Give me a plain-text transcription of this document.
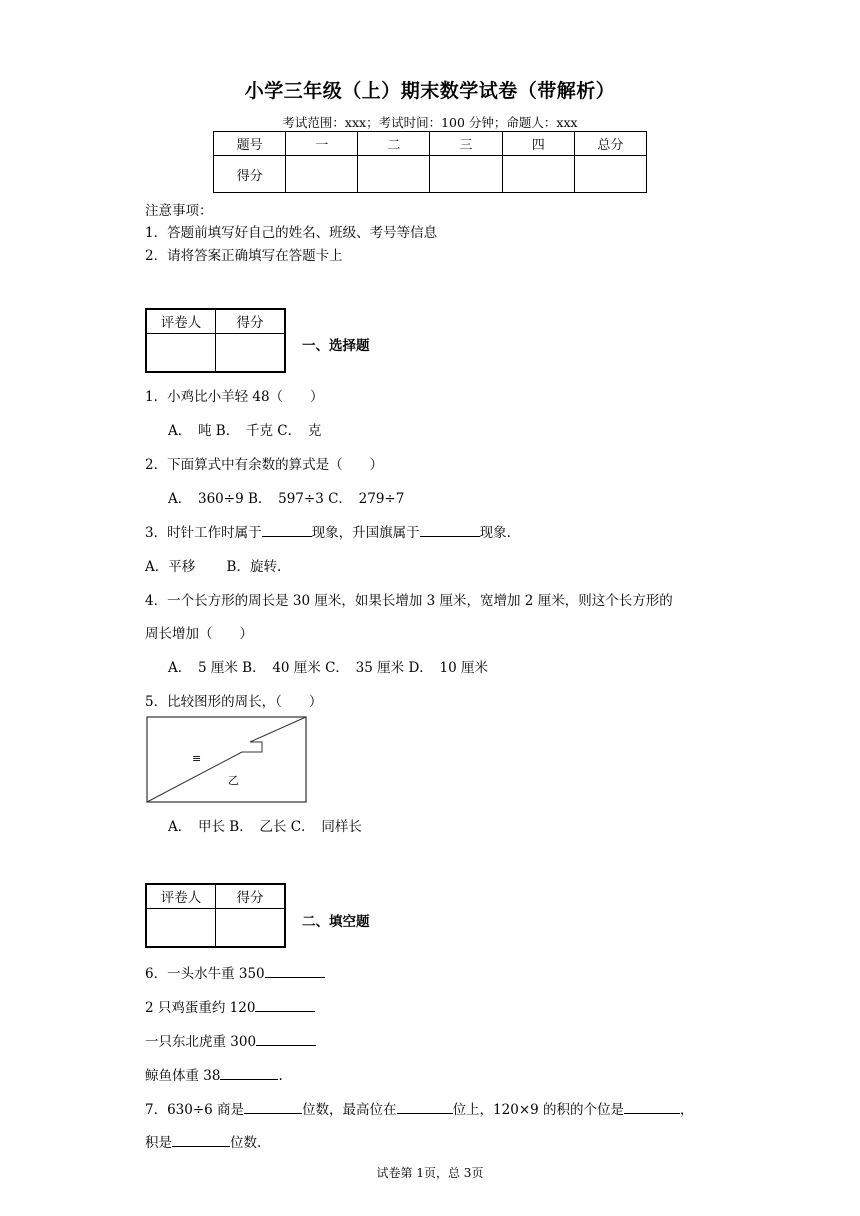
小学三年级（上）期末数学试卷（带解析）
考试范围：xxx；考试时间：100 分钟；命题人：xxx
题号	一	二	三	四	总分
得分					
注意事项：
1．答题前填写好自己的姓名、班级、考号等信息
2．请将答案正确填写在答题卡上
评卷人	得分

一、选择题
1．小鸡比小羊轻 48（　　）
A．　吨 B．　千克 C．　克
2．下面算式中有余数的算式是（　　）
A．　360÷9 B．　597÷3 C．　279÷7
3．时针工作时属于	现象，升国旗属于	现象.
A．平移　　 B．旋转.
4．一个长方形的周长是 30 厘米，如果长增加 3 厘米，宽增加 2 厘米，则这个长方形的
周长增加（　　）
A．　5 厘米 B．　40 厘米 C．　35 厘米 D．　10 厘米
5．比较图形的周长，（　　）
≡
乙
A．　甲长 B．　乙长 C．　同样长
评卷人	得分

二、填空题
6．一头水牛重 350
2 只鸡蛋重约 120
一只东北虎重 300
鲸鱼体重 38	.
7．630÷6 商是	位数，最高位在	位上，120×9 的积的个位是	，
积是	位数.
试卷第 1页，总 3页
